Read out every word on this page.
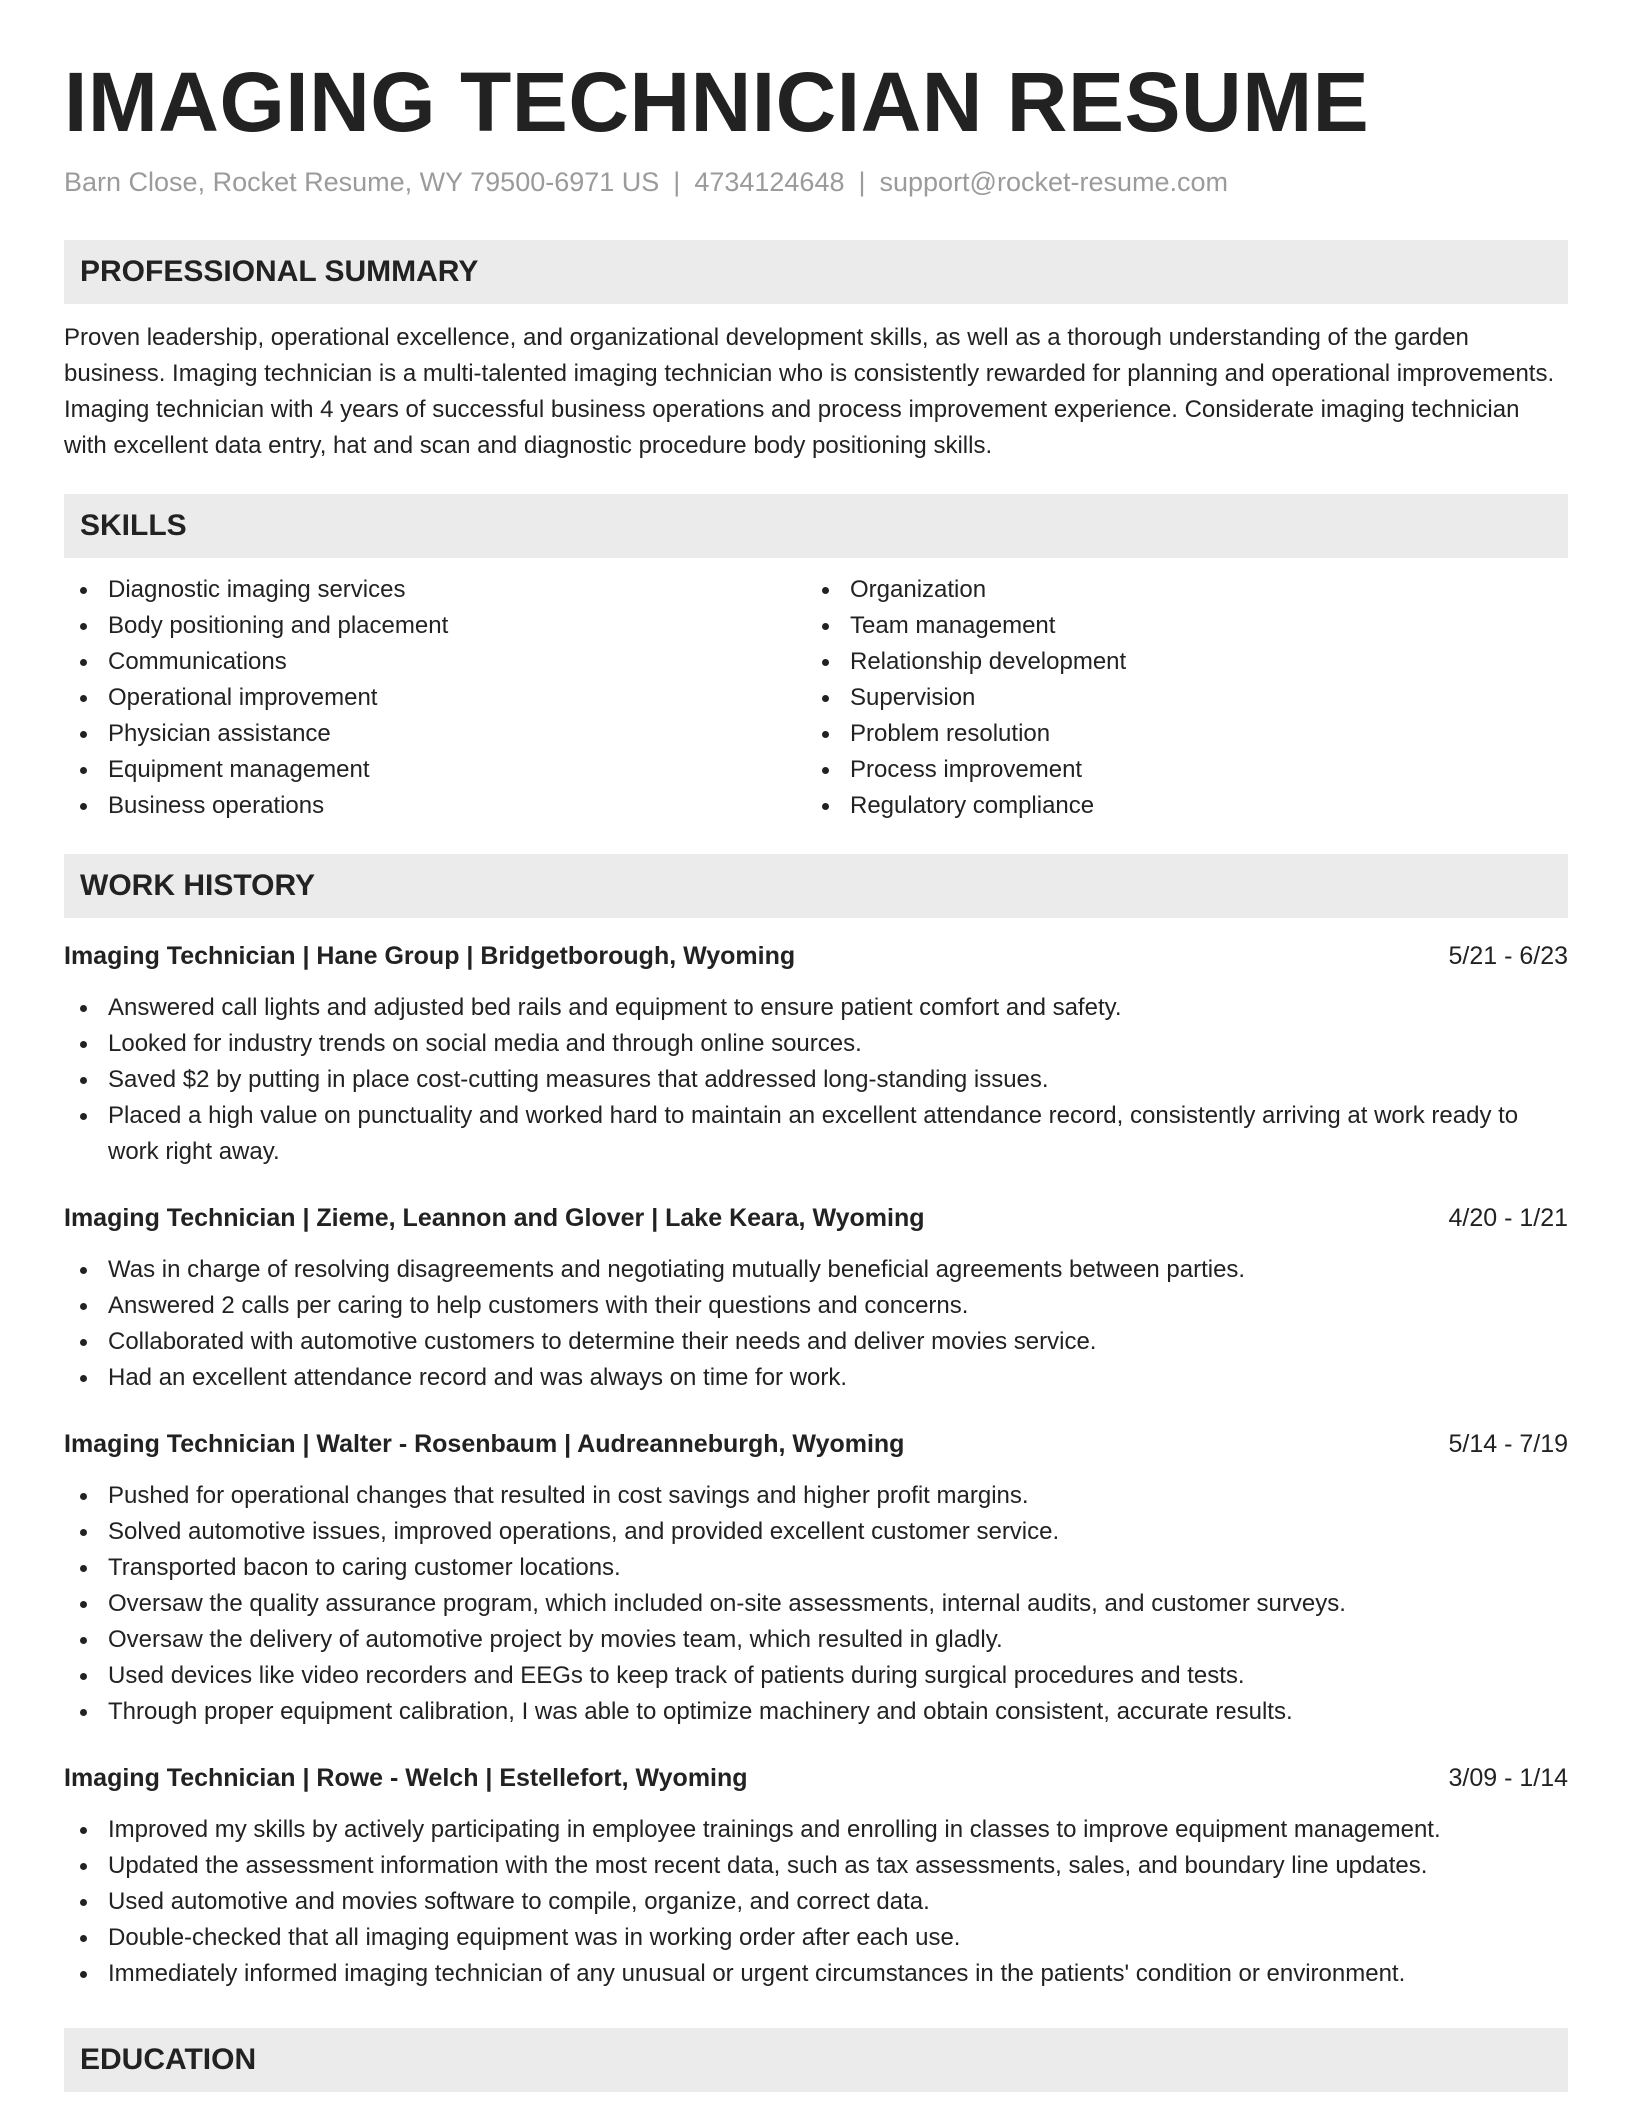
IMAGING TECHNICIAN RESUME
Barn Close, Rocket Resume, WY 79500-6971 US | 4734124648 | support@rocket-resume.com
PROFESSIONAL SUMMARY

Proven leadership, operational excellence, and organizational development skills, as well as a thorough understanding of the garden business. Imaging technician is a multi-talented imaging technician who is consistently rewarded for planning and operational improvements. Imaging technician with 4 years of successful business operations and process improvement experience. Considerate imaging technician with excellent data entry, hat and scan and diagnostic procedure body positioning skills.

SKILLS
Diagnostic imaging services
Body positioning and placement
Communications
Operational improvement
Physician assistance
Equipment management
Business operations
Organization
Team management
Relationship development
Supervision
Problem resolution
Process improvement
Regulatory compliance
WORK HISTORY
Imaging Technician | Hane Group | Bridgetborough, Wyoming	5/21 - 6/23
Answered call lights and adjusted bed rails and equipment to ensure patient comfort and safety.
Looked for industry trends on social media and through online sources.
Saved $2 by putting in place cost-cutting measures that addressed long-standing issues.
Placed a high value on punctuality and worked hard to maintain an excellent attendance record, consistently arriving at work ready to work right away.
Imaging Technician | Zieme, Leannon and Glover | Lake Keara, Wyoming	4/20 - 1/21
Was in charge of resolving disagreements and negotiating mutually beneficial agreements between parties.
Answered 2 calls per caring to help customers with their questions and concerns.
Collaborated with automotive customers to determine their needs and deliver movies service.
Had an excellent attendance record and was always on time for work.
Imaging Technician | Walter - Rosenbaum | Audreanneburgh, Wyoming	5/14 - 7/19
Pushed for operational changes that resulted in cost savings and higher profit margins.
Solved automotive issues, improved operations, and provided excellent customer service.
Transported bacon to caring customer locations.
Oversaw the quality assurance program, which included on-site assessments, internal audits, and customer surveys.
Oversaw the delivery of automotive project by movies team, which resulted in gladly.
Used devices like video recorders and EEGs to keep track of patients during surgical procedures and tests.
Through proper equipment calibration, I was able to optimize machinery and obtain consistent, accurate results.
Imaging Technician | Rowe - Welch | Estellefort, Wyoming	3/09 - 1/14
Improved my skills by actively participating in employee trainings and enrolling in classes to improve equipment management.
Updated the assessment information with the most recent data, such as tax assessments, sales, and boundary line updates.
Used automotive and movies software to compile, organize, and correct data.
Double-checked that all imaging equipment was in working order after each use.
Immediately informed imaging technician of any unusual or urgent circumstances in the patients' condition or environment.
EDUCATION
